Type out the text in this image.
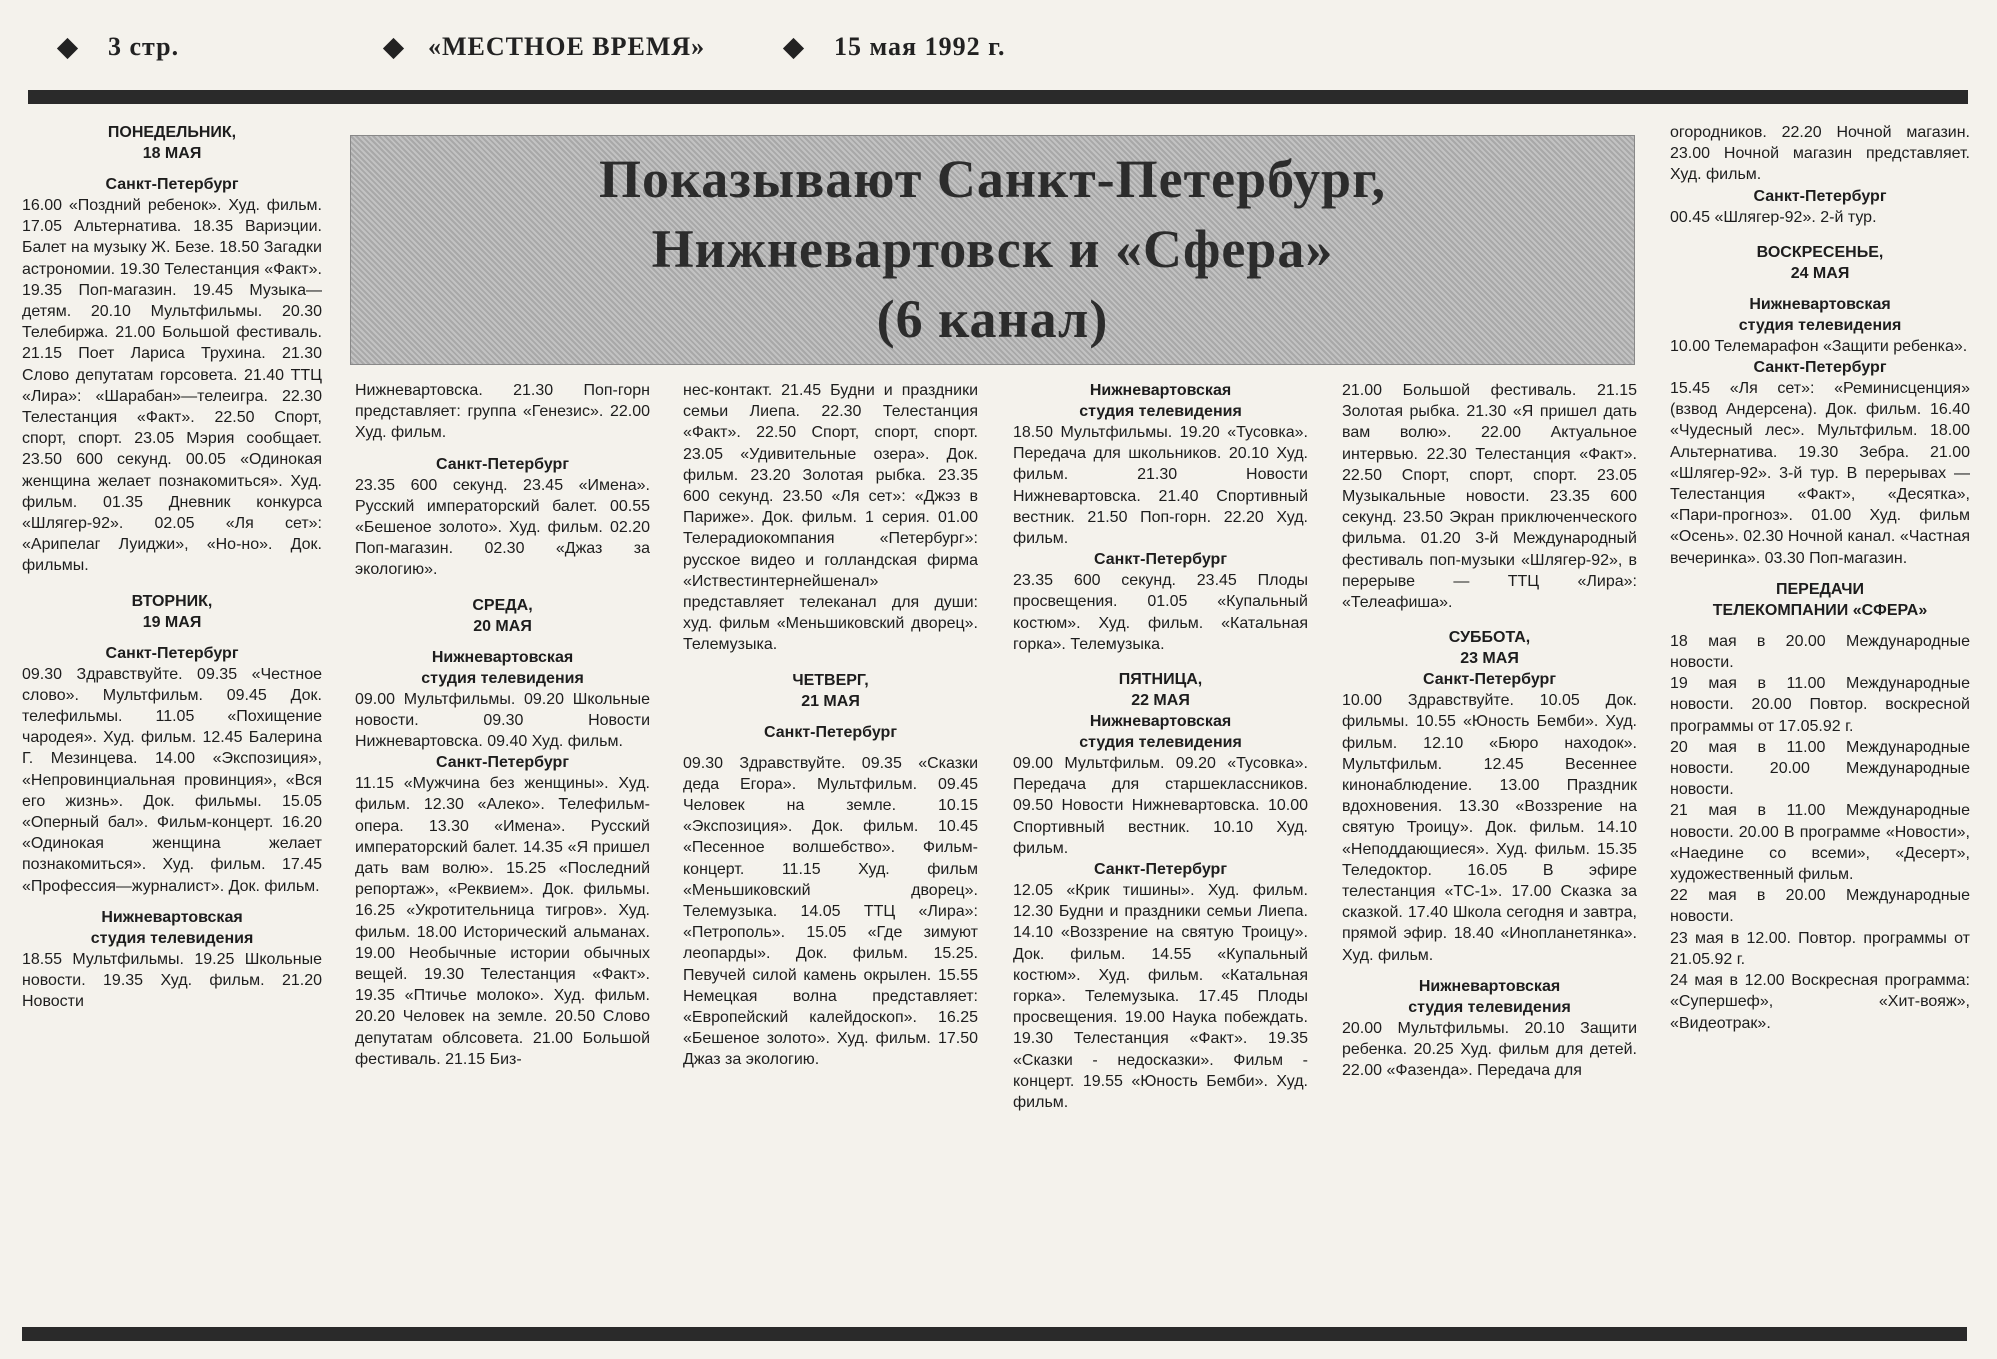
3 стр.	«МЕСТНОЕ ВРЕМЯ»	15 мая 1992 г.
Показывают Санкт-Петербург,
Нижневартовск и «Сфера»
(6 канал)

ПОНЕДЕЛЬНИК,

18 МАЯ

Санкт-Петербург

16.00 «Поздний ребенок». Худ. фильм. 17.05 Альтернатива. 18.35 Вариэции. Балет на музыку Ж. Безе. 18.50 Загадки астрономии. 19.30 Телестанция «Факт». 19.35 Поп-магазин. 19.45 Музыка—детям. 20.10 Мультфильмы. 20.30 Телебиржа. 21.00 Большой фестиваль. 21.15 Поет Лариса Трухина. 21.30 Слово депутатам горсовета. 21.40 ТТЦ «Лира»: «Шарабан»—телеигра. 22.30 Телестанция «Факт». 22.50 Спорт, спорт, спорт. 23.05 Мэрия сообщает. 23.50 600 секунд. 00.05 «Одинокая женщина желает познакомиться». Худ. фильм. 01.35 Дневник конкурса «Шлягер-92». 02.05 «Ля сет»: «Арипелаг Луиджи», «Но-но». Док. фильмы.

ВТОРНИК,

19 МАЯ

Санкт-Петербург

09.30 Здравствуйте. 09.35 «Честное слово». Мультфильм. 09.45 Док. телефильмы. 11.05 «Похищение чародея». Худ. фильм. 12.45 Балерина Г. Мезинцева. 14.00 «Экспозиция», «Непровинциальная провинция», «Вся его жизнь». Док. фильмы. 15.05 «Оперный бал». Фильм-концерт. 16.20 «Одинокая женщина желает познакомиться». Худ. фильм. 17.45 «Профессия—журналист». Док. фильм.

Нижневартовская

студия телевидения

18.55 Мультфильмы. 19.25 Школьные новости. 19.35 Худ. фильм. 21.20 Новости

Нижневартовска. 21.30 Поп-горн представляет: группа «Генезис». 22.00 Худ. фильм.

Санкт-Петербург

23.35 600 секунд. 23.45 «Имена». Русский императорский балет. 00.55 «Бешеное золото». Худ. фильм. 02.20 Поп-магазин. 02.30 «Джаз за экологию».

СРЕДА,

20 МАЯ

Нижневартовская

студия телевидения

09.00 Мультфильмы. 09.20 Школьные новости. 09.30 Новости Нижневартовска. 09.40 Худ. фильм.

Санкт-Петербург

11.15 «Мужчина без женщины». Худ. фильм. 12.30 «Алеко». Телефильм-опера. 13.30 «Имена». Русский императорский балет. 14.35 «Я пришел дать вам волю». 15.25 «Последний репортаж», «Реквием». Док. фильмы. 16.25 «Укротительница тигров». Худ. фильм. 18.00 Исторический альманах. 19.00 Необычные истории обычных вещей. 19.30 Телестанция «Факт». 19.35 «Птичье молоко». Худ. фильм. 20.20 Человек на земле. 20.50 Слово депутатам облсовета. 21.00 Большой фестиваль. 21.15 Биз-

нес-контакт. 21.45 Будни и праздники семьи Лиепа. 22.30 Телестанция «Факт». 22.50 Спорт, спорт, спорт. 23.05 «Удивительные озера». Док. фильм. 23.20 Золотая рыбка. 23.35 600 секунд. 23.50 «Ля сет»: «Джэз в Париже». Док. фильм. 1 серия. 01.00 Телерадиокомпания «Петербург»: русское видео и голландская фирма «Иствестинтернейшенал» представляет телеканал для души: худ. фильм «Меньшиковский дворец». Телемузыка.

ЧЕТВЕРГ,

21 МАЯ

Санкт-Петербург

09.30 Здравствуйте. 09.35 «Сказки деда Егора». Мультфильм. 09.45 Человек на земле. 10.15 «Экспозиция». Док. фильм. 10.45 «Песенное волшебство». Фильм-концерт. 11.15 Худ. фильм «Меньшиковский дворец». Телемузыка. 14.05 ТТЦ «Лира»: «Петрополь». 15.05 «Где зимуют леопарды». Док. фильм. 15.25. Певучей силой камень окрылен. 15.55 Немецкая волна представляет: «Европейский калейдоскоп». 16.25 «Бешеное золото». Худ. фильм. 17.50 Джаз за экологию.

Нижневартовская

студия телевидения

18.50 Мультфильмы. 19.20 «Тусовка». Передача для школьников. 20.10 Худ. фильм. 21.30 Новости Нижневартовска. 21.40 Спортивный вестник. 21.50 Поп-горн. 22.20 Худ. фильм.

Санкт-Петербург

23.35 600 секунд. 23.45 Плоды просвещения. 01.05 «Купальный костюм». Худ. фильм. «Катальная горка». Телемузыка.

ПЯТНИЦА,

22 МАЯ

Нижневартовская

студия телевидения

09.00 Мультфильм. 09.20 «Тусовка». Передача для старшеклассников. 09.50 Новости Нижневартовска. 10.00 Спортивный вестник. 10.10 Худ. фильм.

Санкт-Петербург

12.05 «Крик тишины». Худ. фильм. 12.30 Будни и праздники семьи Лиепа. 14.10 «Воззрение на святую Троицу». Док. фильм. 14.55 «Купальный костюм». Худ. фильм. «Катальная горка». Телемузыка. 17.45 Плоды просвещения. 19.00 Наука побеждать. 19.30 Телестанция «Факт». 19.35 «Сказки - недосказки». Фильм - концерт. 19.55 «Юность Бемби». Худ. фильм.

21.00 Большой фестиваль. 21.15 Золотая рыбка. 21.30 «Я пришел дать вам волю». 22.00 Актуальное интервью. 22.30 Телестанция «Факт». 22.50 Спорт, спорт, спорт. 23.05 Музыкальные новости. 23.35 600 секунд. 23.50 Экран приключенческого фильма. 01.20 3-й Международный фестиваль поп-музыки «Шлягер-92», в перерыве — ТТЦ «Лира»: «Телеафиша».

СУББОТА,

23 МАЯ

Санкт-Петербург

10.00 Здравствуйте. 10.05 Док. фильмы. 10.55 «Юность Бемби». Худ. фильм. 12.10 «Бюро находок». Мультфильм. 12.45 Весеннее кинонаблюдение. 13.00 Праздник вдохновения. 13.30 «Воззрение на святую Троицу». Док. фильм. 14.10 «Неподдающиеся». Худ. фильм. 15.35 Теледоктор. 16.05 В эфире телестанция «ТС-1». 17.00 Сказка за сказкой. 17.40 Школа сегодня и завтра, прямой эфир. 18.40 «Инопланетянка». Худ. фильм.

Нижневартовская

студия телевидения

20.00 Мультфильмы. 20.10 Защити ребенка. 20.25 Худ. фильм для детей. 22.00 «Фазенда». Передача для

огородников. 22.20 Ночной магазин. 23.00 Ночной магазин представляет. Худ. фильм.

Санкт-Петербург

00.45 «Шлягер-92». 2-й тур.

ВОСКРЕСЕНЬЕ,

24 МАЯ

Нижневартовская

студия телевидения

10.00 Телемарафон «Защити ребенка».

Санкт-Петербург

15.45 «Ля сет»: «Реминисценция» (взвод Андерсена). Док. фильм. 16.40 «Чудесный лес». Мультфильм. 18.00 Альтернатива. 19.30 Зебра. 21.00 «Шлягер-92». 3-й тур. В перерывах — Телестанция «Факт», «Десятка», «Пари-прогноз». 01.00 Худ. фильм «Осень». 02.30 Ночной канал. «Частная вечеринка». 03.30 Поп-магазин.

ПЕРЕДАЧИ

ТЕЛЕКОМПАНИИ «СФЕРА»

18 мая в 20.00 Международные новости.

19 мая в 11.00 Международные новости. 20.00 Повтор. воскресной программы от 17.05.92 г.

20 мая в 11.00 Международные новости. 20.00 Международные новости.

21 мая в 11.00 Международные новости. 20.00 В программе «Новости», «Наедине со всеми», «Десерт», художественный фильм.

22 мая в 20.00 Международные новости.

23 мая в 12.00. Повтор. программы от 21.05.92 г.

24 мая в 12.00 Воскресная программа: «Супершеф», «Хит-вояж», «Видеотрак».
